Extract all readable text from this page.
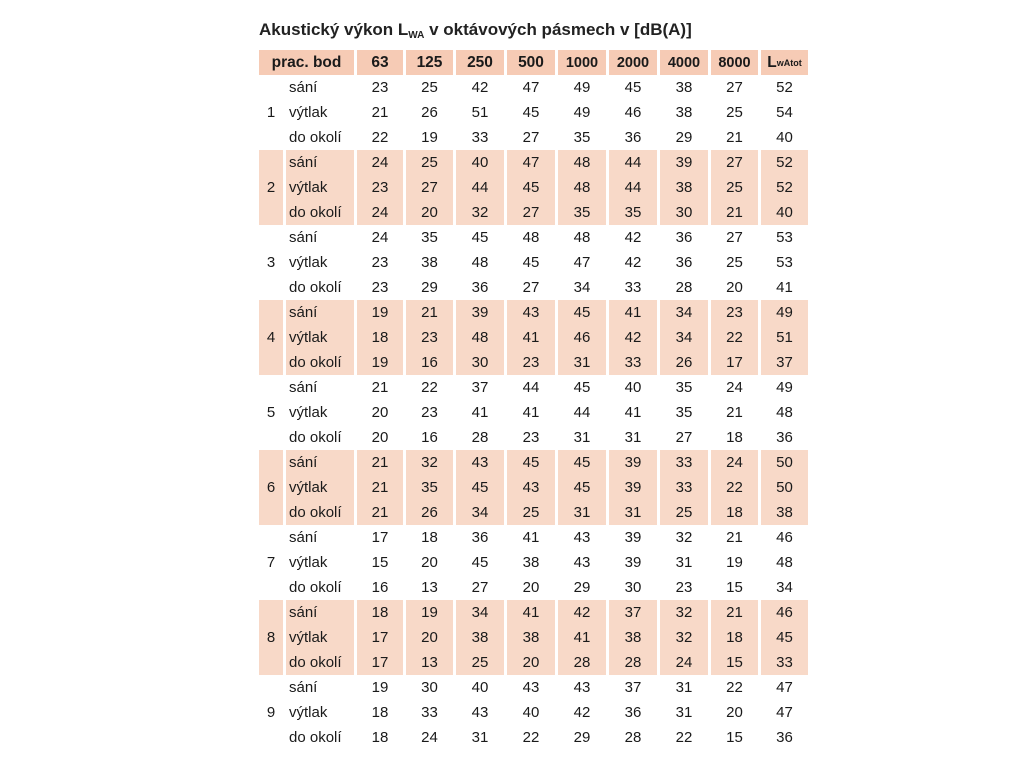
Akustický výkon $L_{WA}$ v oktávových pásmech v [dB(A)]
prac. bod	63	125	250	500	1000	2000	4000	8000	L wAtot
sání	23	25	42	47	49	45	38	27	52
1 výtlak	21	26	51	45	49	46	38	25	54
do okolí	22	19	33	27	35	36	29	21	40
sání	24	25	40	47	48	44	39	27	52
2 výtlak	23	27	44	45	48	44	38	25	52
do okolí	24	20	32	27	35	35	30	21	40
sání	24	35	45	48	48	42	36	27	53
3 výtlak	23	38	48	45	47	42	36	25	53
do okolí	23	29	36	27	34	33	28	20	41
sání	19	21	39	43	45	41	34	23	49
4 výtlak	18	23	48	41	46	42	34	22	51
do okolí	19	16	30	23	31	33	26	17	37
sání	21	22	37	44	45	40	35	24	49
5 výtlak	20	23	41	41	44	41	35	21	48
do okolí	20	16	28	23	31	31	27	18	36
sání	21	32	43	45	45	39	33	24	50
6 výtlak	21	35	45	43	45	39	33	22	50
do okolí	21	26	34	25	31	31	25	18	38
sání	17	18	36	41	43	39	32	21	46
7 výtlak	15	20	45	38	43	39	31	19	48
do okolí	16	13	27	20	29	30	23	15	34
sání	18	19	34	41	42	37	32	21	46
8 výtlak	17	20	38	38	41	38	32	18	45
do okolí	17	13	25	20	28	28	24	15	33
sání	19	30	40	43	43	37	31	22	47
9 výtlak	18	33	43	40	42	36	31	20	47
do okolí	18	24	31	22	29	28	22	15	36
